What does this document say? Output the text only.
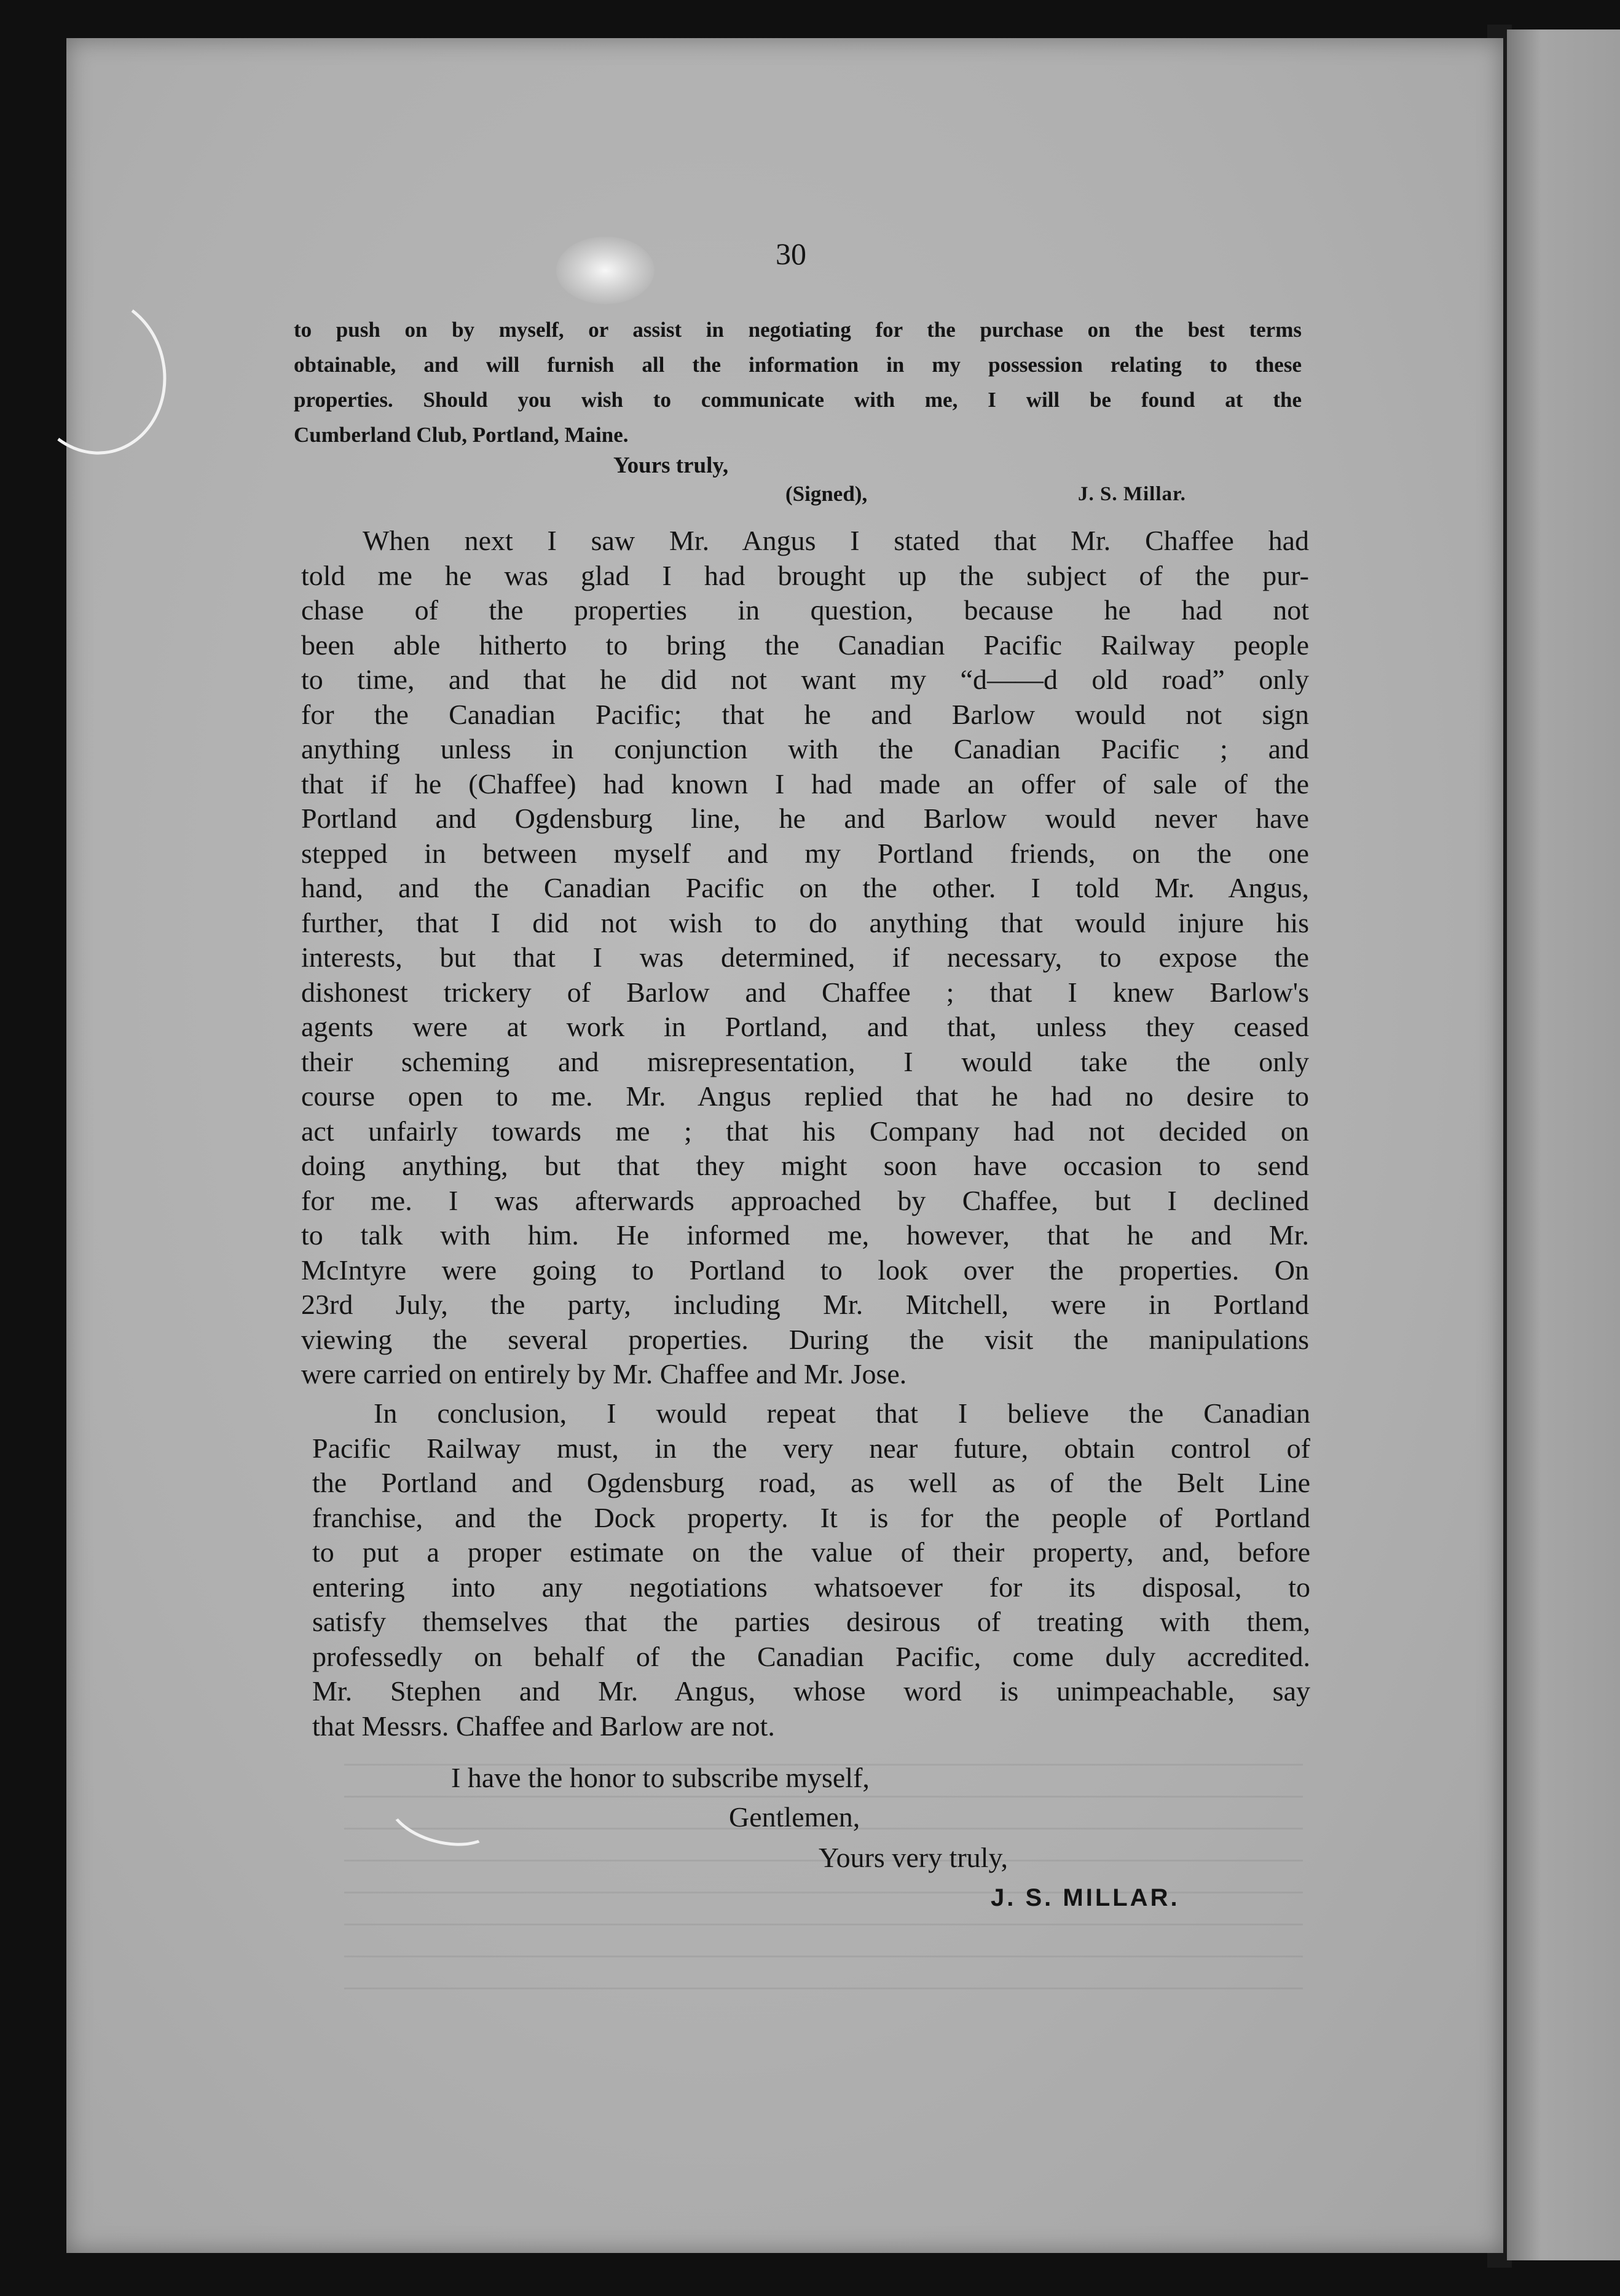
30
to push on by myself, or assist in negotiating for the purchase on the best terms
obtainable, and will furnish all the information in my possession relating to these
properties. Should you wish to communicate with me, I will be found at the
Cumberland Club, Portland, Maine.
Yours truly,
(Signed),	J. S. Millar.
When next I saw Mr. Angus I stated that Mr. Chaffee had
told me he was glad I had brought up the subject of the pur-
chase of the properties in question, because he had not
been able hitherto to bring the Canadian Pacific Railway people
to time, and that he did not want my “d——d old road” only
for the Canadian Pacific; that he and Barlow would not sign
anything unless in conjunction with the Canadian Pacific ; and
that if he (Chaffee) had known I had made an offer of sale of the
Portland and Ogdensburg line, he and Barlow would never have
stepped in between myself and my Portland friends, on the one
hand, and the Canadian Pacific on the other. I told Mr. Angus,
further, that I did not wish to do anything that would injure his
interests, but that I was determined, if necessary, to expose the
dishonest trickery of Barlow and Chaffee ; that I knew Barlow's
agents were at work in Portland, and that, unless they ceased
their scheming and misrepresentation, I would take the only
course open to me. Mr. Angus replied that he had no desire to
act unfairly towards me ; that his Company had not decided on
doing anything, but that they might soon have occasion to send
for me. I was afterwards approached by Chaffee, but I declined
to talk with him. He informed me, however, that he and Mr.
McIntyre were going to Portland to look over the properties. On
23rd July, the party, including Mr. Mitchell, were in Portland
viewing the several properties. During the visit the manipulations
were carried on entirely by Mr. Chaffee and Mr. Jose.
In conclusion, I would repeat that I believe the Canadian
Pacific Railway must, in the very near future, obtain control of
the Portland and Ogdensburg road, as well as of the Belt Line
franchise, and the Dock property. It is for the people of Portland
to put a proper estimate on the value of their property, and, before
entering into any negotiations whatsoever for its disposal, to
satisfy themselves that the parties desirous of treating with them,
professedly on behalf of the Canadian Pacific, come duly accredited.
Mr. Stephen and Mr. Angus, whose word is unimpeachable, say
that Messrs. Chaffee and Barlow are not.
I have the honor to subscribe myself,
Gentlemen,
Yours very truly,
J. S. MILLAR.
